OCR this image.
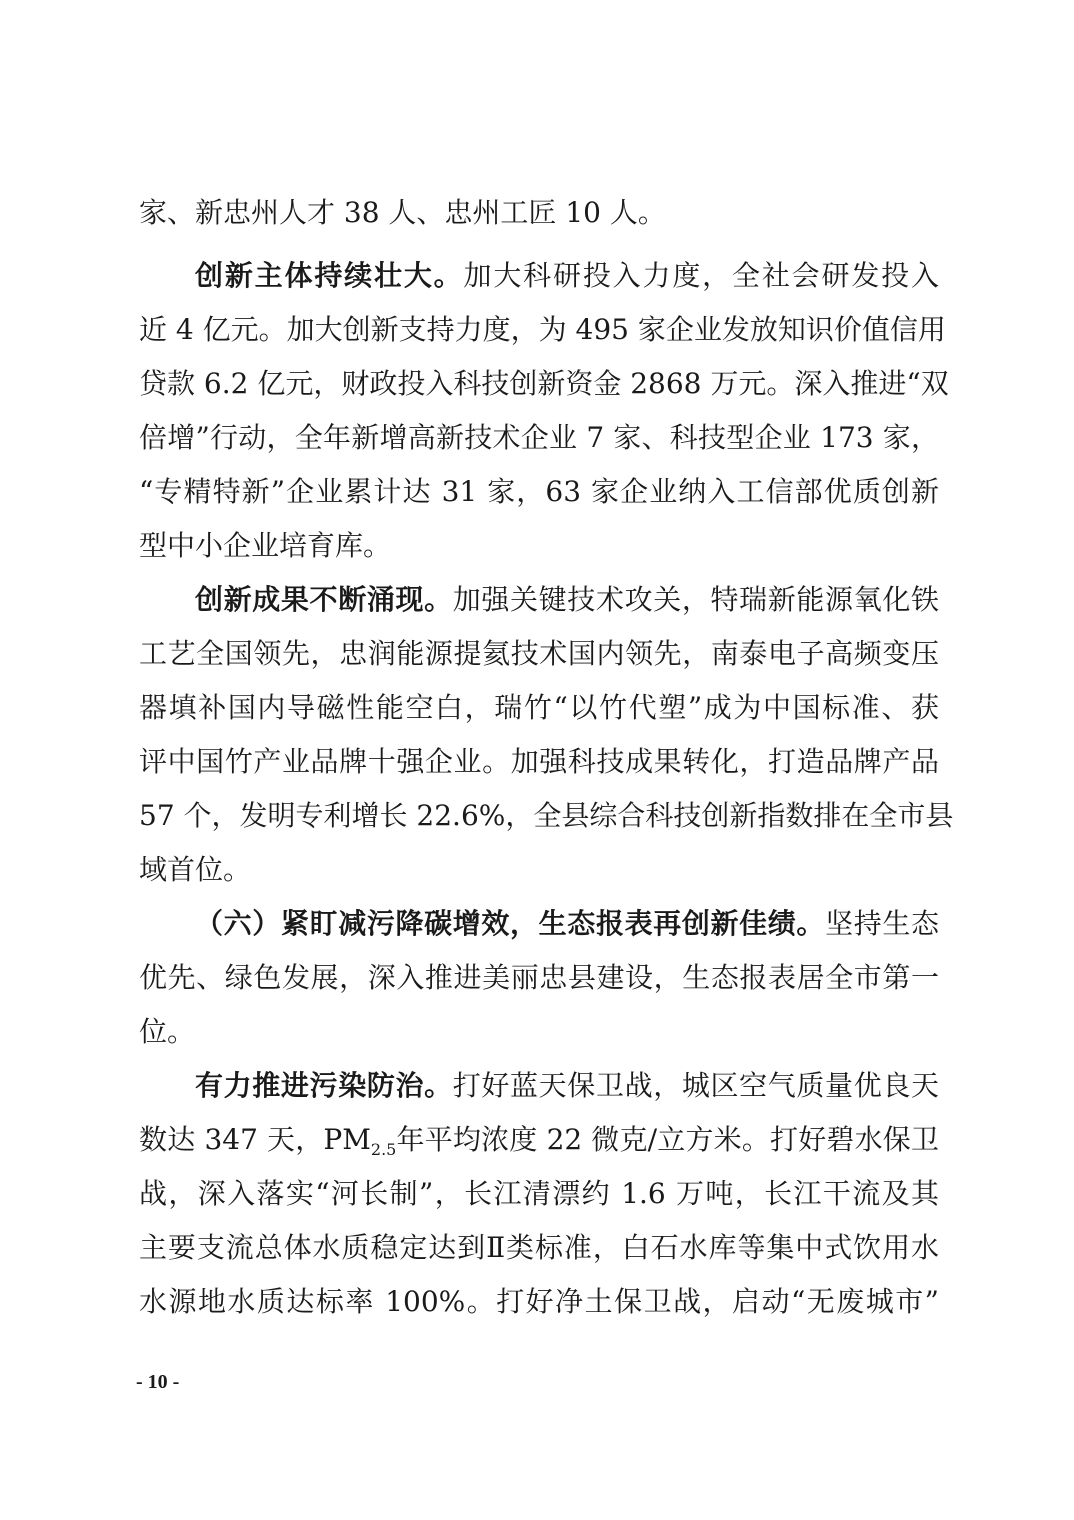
家、新忠州人才 38 人、忠州工匠 10 人。
创新主体持续壮大。加大科研投入力度，全社会研发投入
近 4 亿元。加大创新支持力度，为 495 家企业发放知识价值信用
贷款 6.2 亿元，财政投入科技创新资金 2868 万元。深入推进“双
倍增”行动，全年新增高新技术企业 7 家、科技型企业 173 家，
“专精特新”企业累计达 31 家，63 家企业纳入工信部优质创新
型中小企业培育库。
创新成果不断涌现。加强关键技术攻关，特瑞新能源氧化铁
工艺全国领先，忠润能源提氦技术国内领先，南泰电子高频变压
器填补国内导磁性能空白，瑞竹“以竹代塑”成为中国标准、获
评中国竹产业品牌十强企业。加强科技成果转化，打造品牌产品
57 个，发明专利增长 22.6%，全县综合科技创新指数排在全市县
域首位。
（六）紧盯减污降碳增效，生态报表再创新佳绩。坚持生态
优先、绿色发展，深入推进美丽忠县建设，生态报表居全市第一
位。
有力推进污染防治。打好蓝天保卫战，城区空气质量优良天
数达 347 天，$PM_{2.5}$年平均浓度 22 微克/立方米。打好碧水保卫
战，深入落实“河长制”，长江清漂约 1.6 万吨，长江干流及其
主要支流总体水质稳定达到Ⅱ类标准，白石水库等集中式饮用水
水源地水质达标率 100%。打好净土保卫战，启动“无废城市”
- 10 -
